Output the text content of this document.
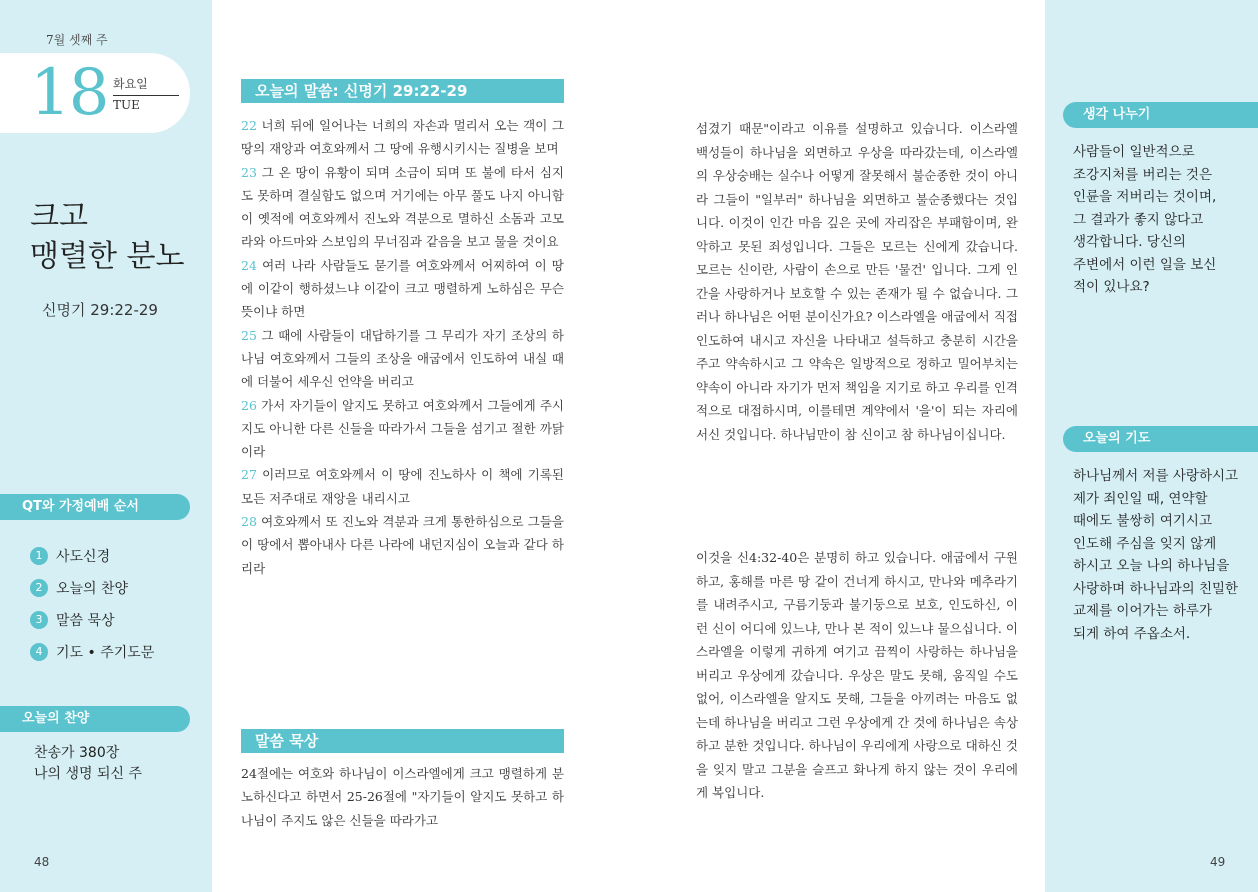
7월 셋째 주
18 화요일
TUE
크고
맹렬한 분노
신명기 29:22-29
QT와 가정예배 순서
1 사도신경
2 오늘의 찬양
3 말씀 묵상
4 기도 • 주기도문
오늘의 찬양
찬송가 380장
나의 생명 되신 주
48
오늘의 말씀: 신명기 29:22-29
22 너희 뒤에 일어나는 너희의 자손과 멀리서 오는 객이 그 땅의 재앙과 여호와께서 그 땅에 유행시키시는 질병을 보며
23 그 온 땅이 유황이 되며 소금이 되며 또 불에 타서 심지도 못하며 결실함도 없으며 거기에는 아무 풀도 나지 아니함이 옛적에 여호와께서 진노와 격분으로 멸하신 소돔과 고모라와 아드마와 스보임의 무너짐과 같음을 보고 물을 것이요
24 여러 나라 사람들도 묻기를 여호와께서 어찌하여 이 땅에 이같이 행하셨느냐 이같이 크고 맹렬하게 노하심은 무슨 뜻이냐 하면
25 그 때에 사람들이 대답하기를 그 무리가 자기 조상의 하나님 여호와께서 그들의 조상을 애굽에서 인도하여 내실 때에 더불어 세우신 언약을 버리고
26 가서 자기들이 알지도 못하고 여호와께서 그들에게 주시지도 아니한 다른 신들을 따라가서 그들을 섬기고 절한 까닭이라
27 이러므로 여호와께서 이 땅에 진노하사 이 책에 기록된 모든 저주대로 재앙을 내리시고
28 여호와께서 또 진노와 격분과 크게 통한하심으로 그들을 이 땅에서 뽑아내사 다른 나라에 내던지심이 오늘과 같다 하리라
말씀 묵상
24절에는 여호와 하나님이 이스라엘에게 크고 맹렬하게 분노하신다고 하면서 25-26절에 "자기들이 알지도 못하고 하나님이 주지도 않은 신들을 따라가고
섬겼기 때문"이라고 이유를 설명하고 있습니다. 이스라엘 백성들이 하나님을 외면하고 우상을 따라갔는데, 이스라엘의 우상숭배는 실수나 어떻게 잘못해서 불순종한 것이 아니라 그들이 "일부러" 하나님을 외면하고 불순종했다는 것입니다. 이것이 인간 마음 깊은 곳에 자리잡은 부패함이며, 완악하고 못된 죄성입니다. 그들은 모르는 신에게 갔습니다. 모르는 신이란, 사람이 손으로 만든 '물건' 입니다. 그게 인간을 사랑하거나 보호할 수 있는 존재가 될 수 없습니다. 그러나 하나님은 어떤 분이신가요? 이스라엘을 애굽에서 직접 인도하여 내시고 자신을 나타내고 설득하고 충분히 시간을 주고 약속하시고 그 약속은 일방적으로 정하고 밀어부치는 약속이 아니라 자기가 먼저 책임을 지기로 하고 우리를 인격적으로 대접하시며, 이를테면 계약에서 '을'이 되는 자리에 서신 것입니다. 하나님만이 참 신이고 참 하나님이십니다.
이것을 신4:32-40은 분명히 하고 있습니다. 애굽에서 구원하고, 홍해를 마른 땅 같이 건너게 하시고, 만나와 메추라기를 내려주시고, 구름기둥과 불기둥으로 보호, 인도하신, 이런 신이 어디에 있느냐, 만나 본 적이 있느냐 물으십니다. 이스라엘을 이렇게 귀하게 여기고 끔찍이 사랑하는 하나님을 버리고 우상에게 갔습니다. 우상은 말도 못해, 움직일 수도 없어, 이스라엘을 알지도 못해, 그들을 아끼려는 마음도 없는데 하나님을 버리고 그런 우상에게 간 것에 하나님은 속상하고 분한 것입니다. 하나님이 우리에게 사랑으로 대하신 것을 잊지 말고 그분을 슬프고 화나게 하지 않는 것이 우리에게 복입니다.
생각 나누기
사람들이 일반적으로
조강지처를 버리는 것은
인륜을 저버리는 것이며,
그 결과가 좋지 않다고
생각합니다. 당신의
주변에서 이런 일을 보신
적이 있나요?
오늘의 기도
하나님께서 저를 사랑하시고
제가 죄인일 때, 연약할
때에도 불쌍히 여기시고
인도해 주심을 잊지 않게
하시고 오늘 나의 하나님을
사랑하며 하나님과의 친밀한
교제를 이어가는 하루가
되게 하여 주옵소서.
49
